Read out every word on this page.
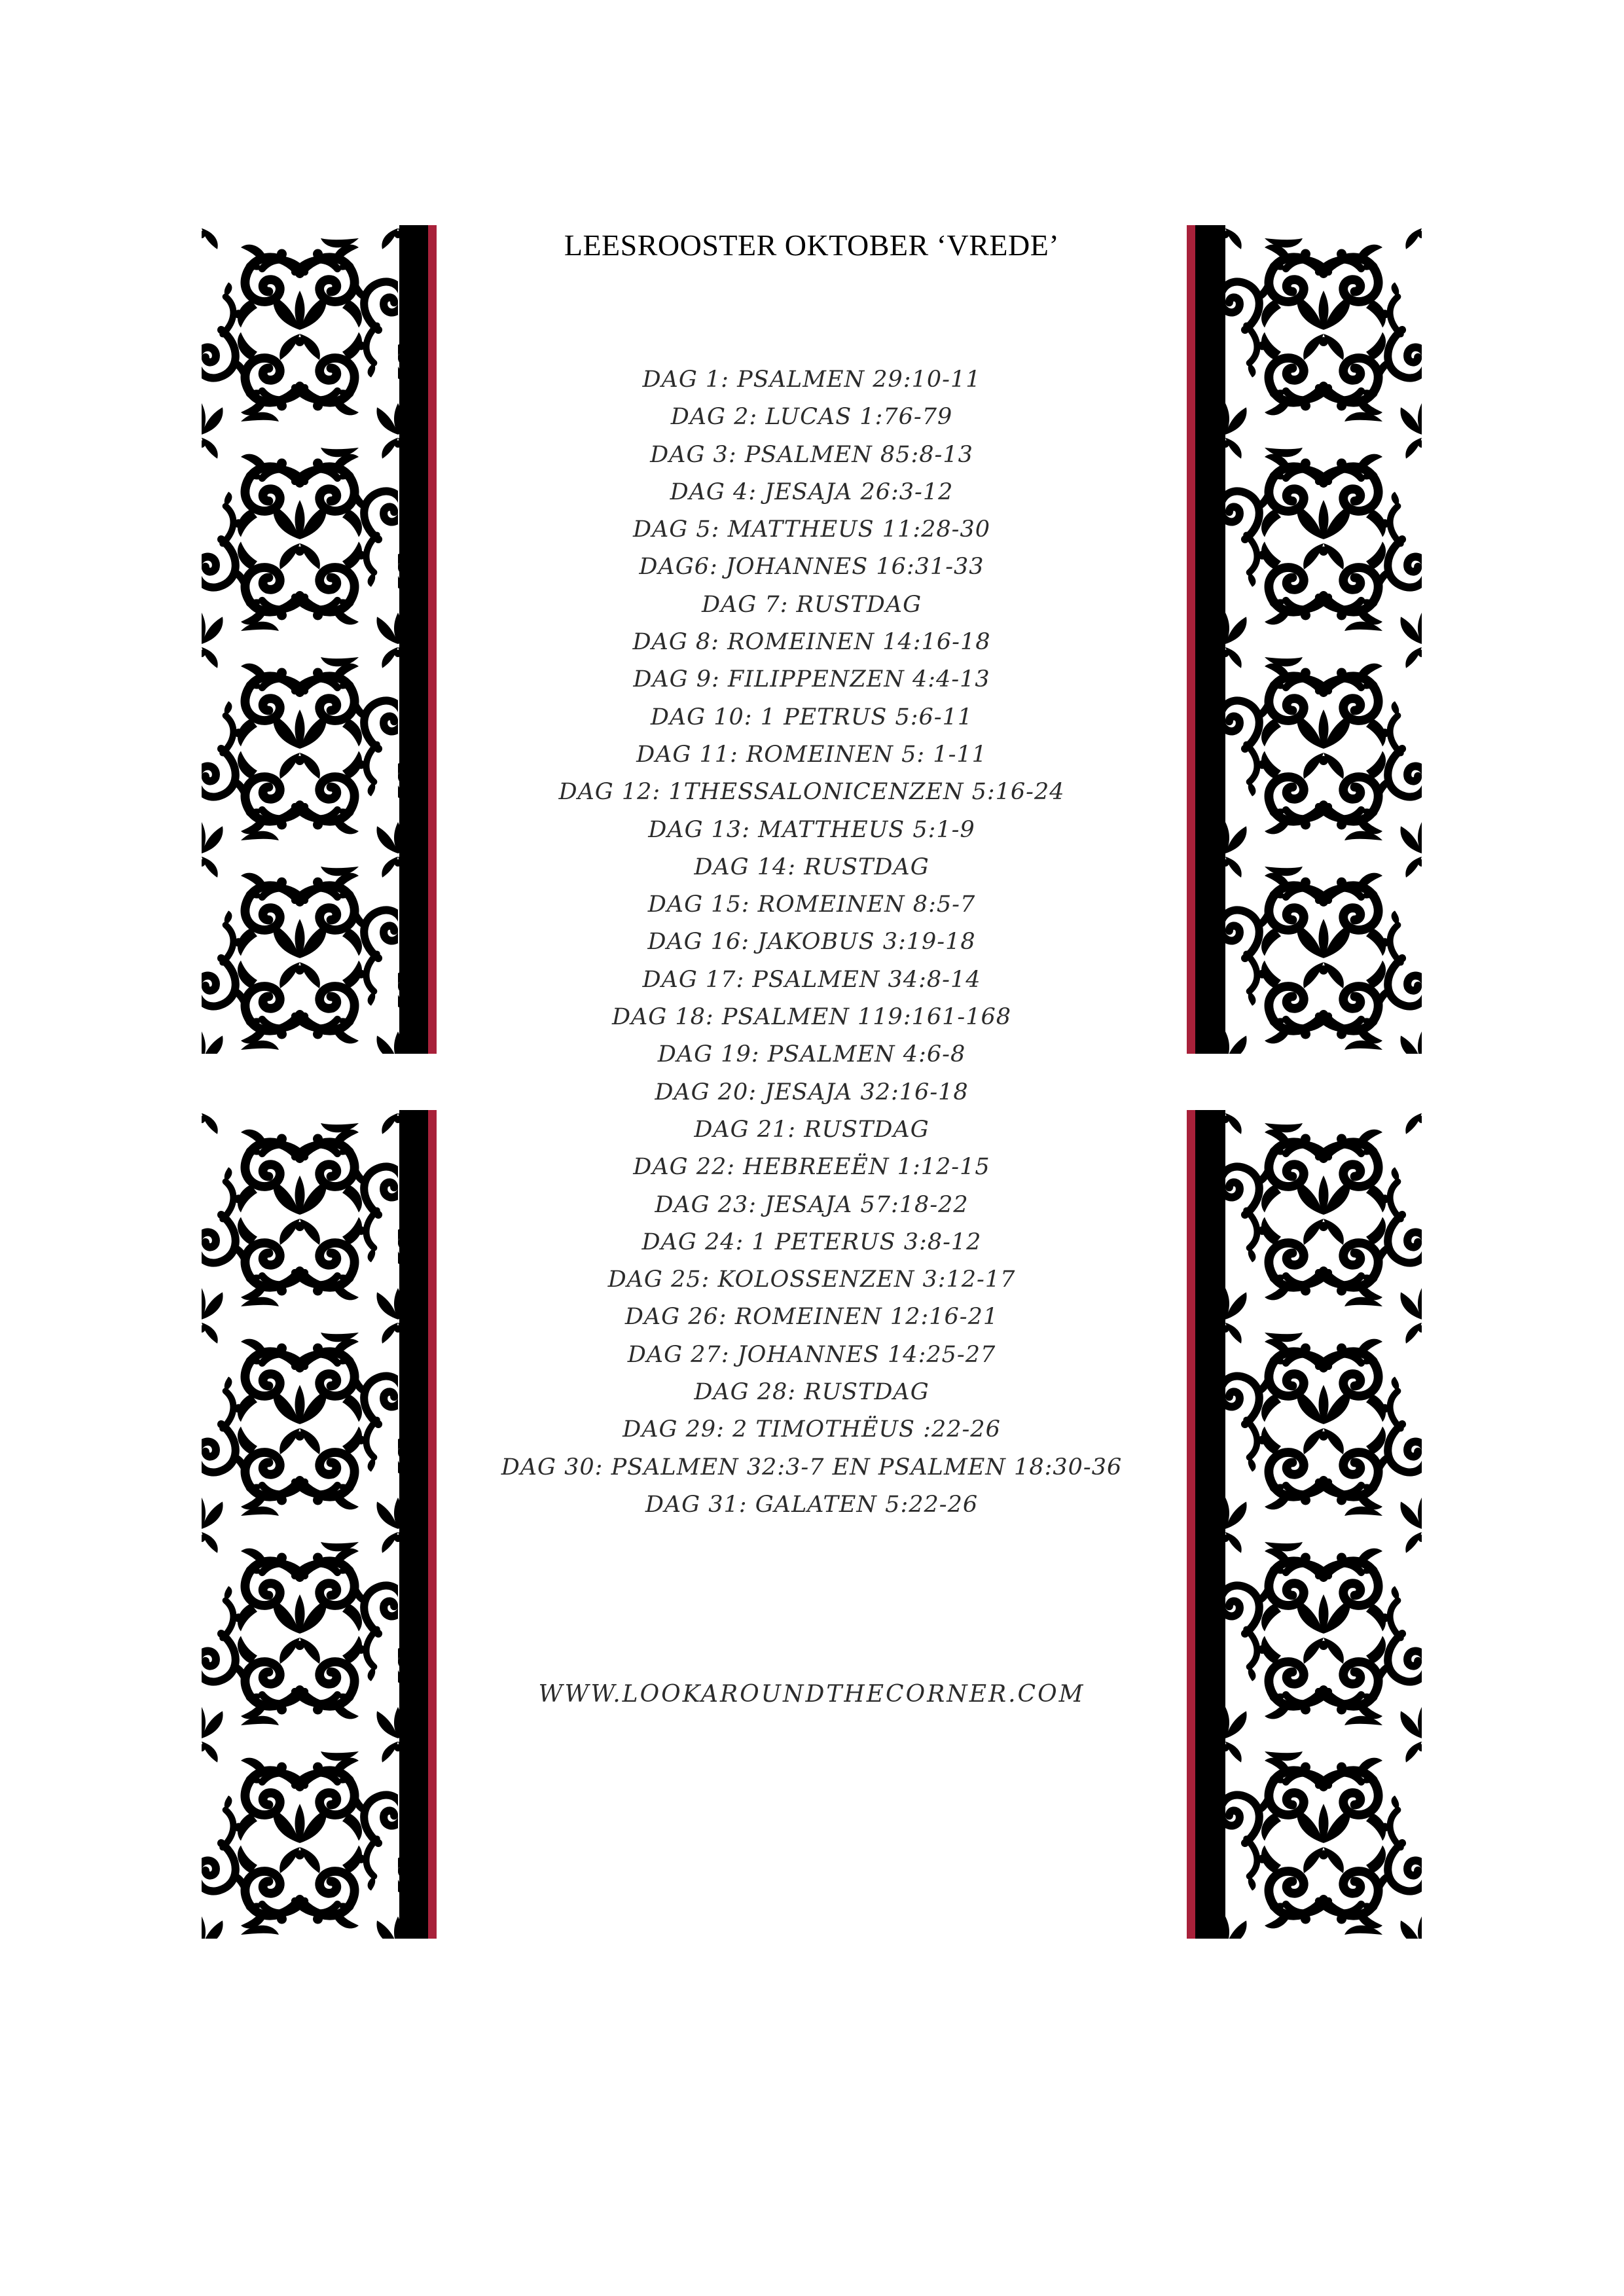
LEESROOSTER OKTOBER ‘VREDE’
DAG 1: PSALMEN 29:10-11
DAG 2: LUCAS 1:76-79
DAG 3: PSALMEN 85:8-13
DAG 4: JESAJA 26:3-12
DAG 5: MATTHEUS 11:28-30
DAG6: JOHANNES 16:31-33
DAG 7: RUSTDAG
DAG 8: ROMEINEN 14:16-18
DAG 9: FILIPPENZEN 4:4-13
DAG 10: 1 PETRUS 5:6-11
DAG 11: ROMEINEN 5: 1-11
DAG 12: 1THESSALONICENZEN 5:16-24
DAG 13: MATTHEUS 5:1-9
DAG 14: RUSTDAG
DAG 15: ROMEINEN 8:5-7
DAG 16: JAKOBUS 3:19-18
DAG 17: PSALMEN 34:8-14
DAG 18: PSALMEN 119:161-168
DAG 19: PSALMEN 4:6-8
DAG 20: JESAJA 32:16-18
DAG 21: RUSTDAG
DAG 22: HEBREEËN 1:12-15
DAG 23: JESAJA 57:18-22
DAG 24: 1 PETERUS 3:8-12
DAG 25: KOLOSSENZEN 3:12-17
DAG 26: ROMEINEN 12:16-21
DAG 27: JOHANNES 14:25-27
DAG 28: RUSTDAG
DAG 29: 2 TIMOTHËUS :22-26
DAG 30: PSALMEN 32:3-7 EN PSALMEN 18:30-36
DAG 31: GALATEN 5:22-26
WWW.LOOKAROUNDTHECORNER.COM
